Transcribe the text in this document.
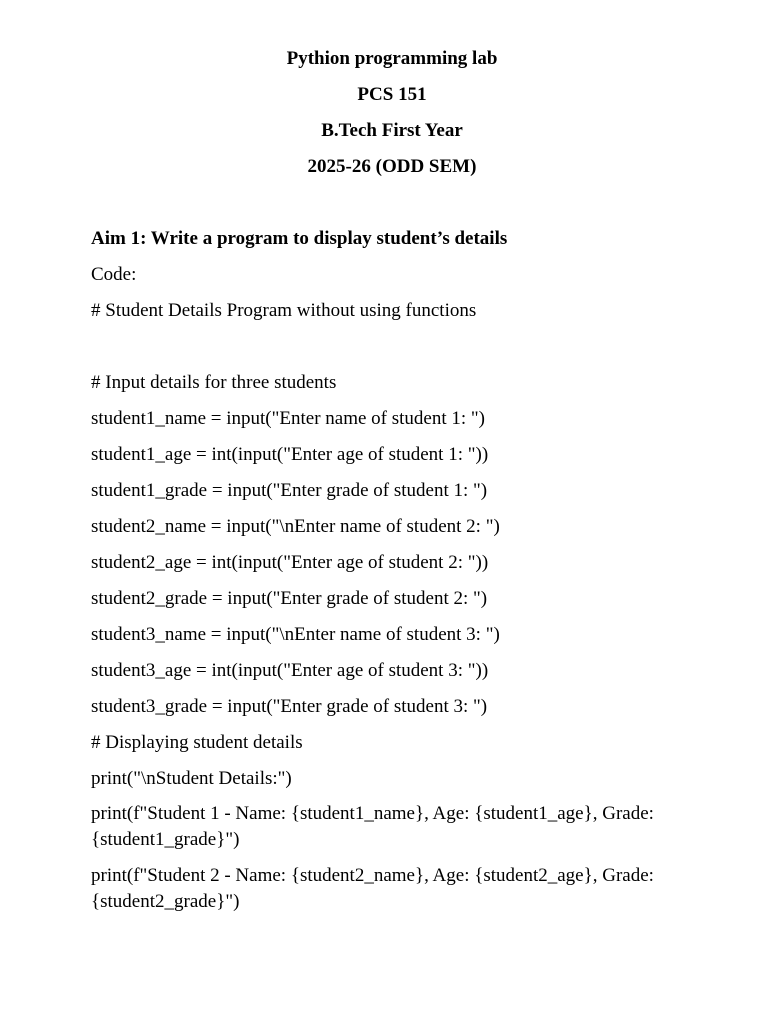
Pythion programming lab
PCS 151
B.Tech First Year
2025-26 (ODD SEM)
Aim 1: Write a program to display student’s details
Code:
# Student Details Program without using functions
# Input details for three students
student1_name = input("Enter name of student 1: ")
student1_age = int(input("Enter age of student 1: "))
student1_grade = input("Enter grade of student 1: ")
student2_name = input("\nEnter name of student 2: ")
student2_age = int(input("Enter age of student 2: "))
student2_grade = input("Enter grade of student 2: ")
student3_name = input("\nEnter name of student 3: ")
student3_age = int(input("Enter age of student 3: "))
student3_grade = input("Enter grade of student 3: ")
# Displaying student details
print("\nStudent Details:")
print(f"Student 1 - Name: {student1_name}, Age: {student1_age}, Grade: {student1_grade}")
print(f"Student 2 - Name: {student2_name}, Age: {student2_age}, Grade: {student2_grade}")
